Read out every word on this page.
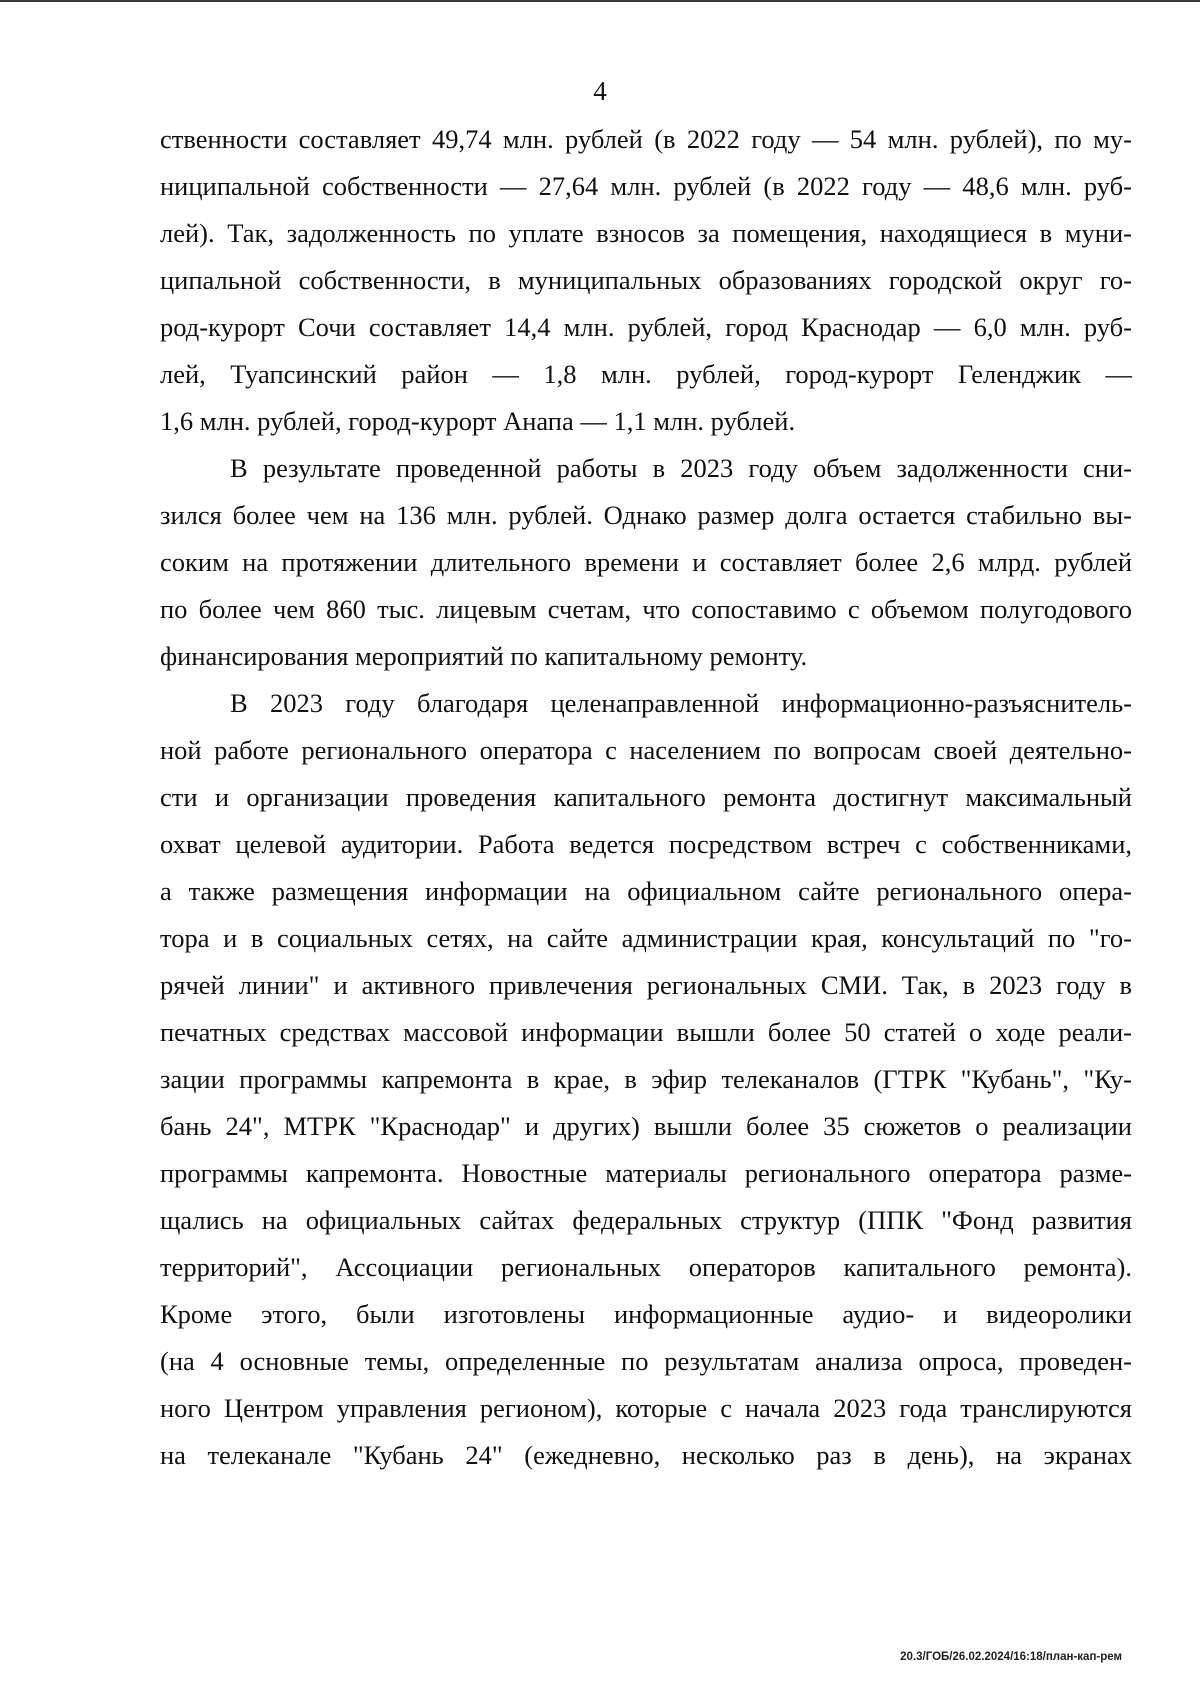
4
ственности составляет 49,74 млн. рублей (в 2022 году — 54 млн. рублей), по му-
ниципальной собственности — 27,64 млн. рублей (в 2022 году — 48,6 млн. руб-
лей). Так, задолженность по уплате взносов за помещения, находящиеся в муни-
ципальной собственности, в муниципальных образованиях городской округ го-
род-курорт Сочи составляет 14,4 млн. рублей, город Краснодар — 6,0 млн. руб-
лей, Туапсинский район — 1,8 млн. рублей, город-курорт Геленджик —
1,6 млн. рублей, город-курорт Анапа — 1,1 млн. рублей.
В результате проведенной работы в 2023 году объем задолженности сни-
зился более чем на 136 млн. рублей. Однако размер долга остается стабильно вы-
соким на протяжении длительного времени и составляет более 2,6 млрд. рублей
по более чем 860 тыс. лицевым счетам, что сопоставимо с объемом полугодового
финансирования мероприятий по капитальному ремонту.
В 2023 году благодаря целенаправленной информационно-разъяснитель-
ной работе регионального оператора с населением по вопросам своей деятельно-
сти и организации проведения капитального ремонта достигнут максимальный
охват целевой аудитории. Работа ведется посредством встреч с собственниками,
а также размещения информации на официальном сайте регионального опера-
тора и в социальных сетях, на сайте администрации края, консультаций по "го-
рячей линии" и активного привлечения региональных СМИ. Так, в 2023 году в
печатных средствах массовой информации вышли более 50 статей о ходе реали-
зации программы капремонта в крае, в эфир телеканалов (ГТРК "Кубань", "Ку-
бань 24", МТРК "Краснодар" и других) вышли более 35 сюжетов о реализации
программы капремонта. Новостные материалы регионального оператора разме-
щались на официальных сайтах федеральных структур (ППК "Фонд развития
территорий", Ассоциации региональных операторов капитального ремонта).
Кроме этого, были изготовлены информационные аудио- и видеоролики
(на 4 основные темы, определенные по результатам анализа опроса, проведен-
ного Центром управления регионом), которые с начала 2023 года транслируются
на телеканале "Кубань 24" (ежедневно, несколько раз в день), на экранах
20.3/ГОБ/26.02.2024/16:18/план-кап-рем
